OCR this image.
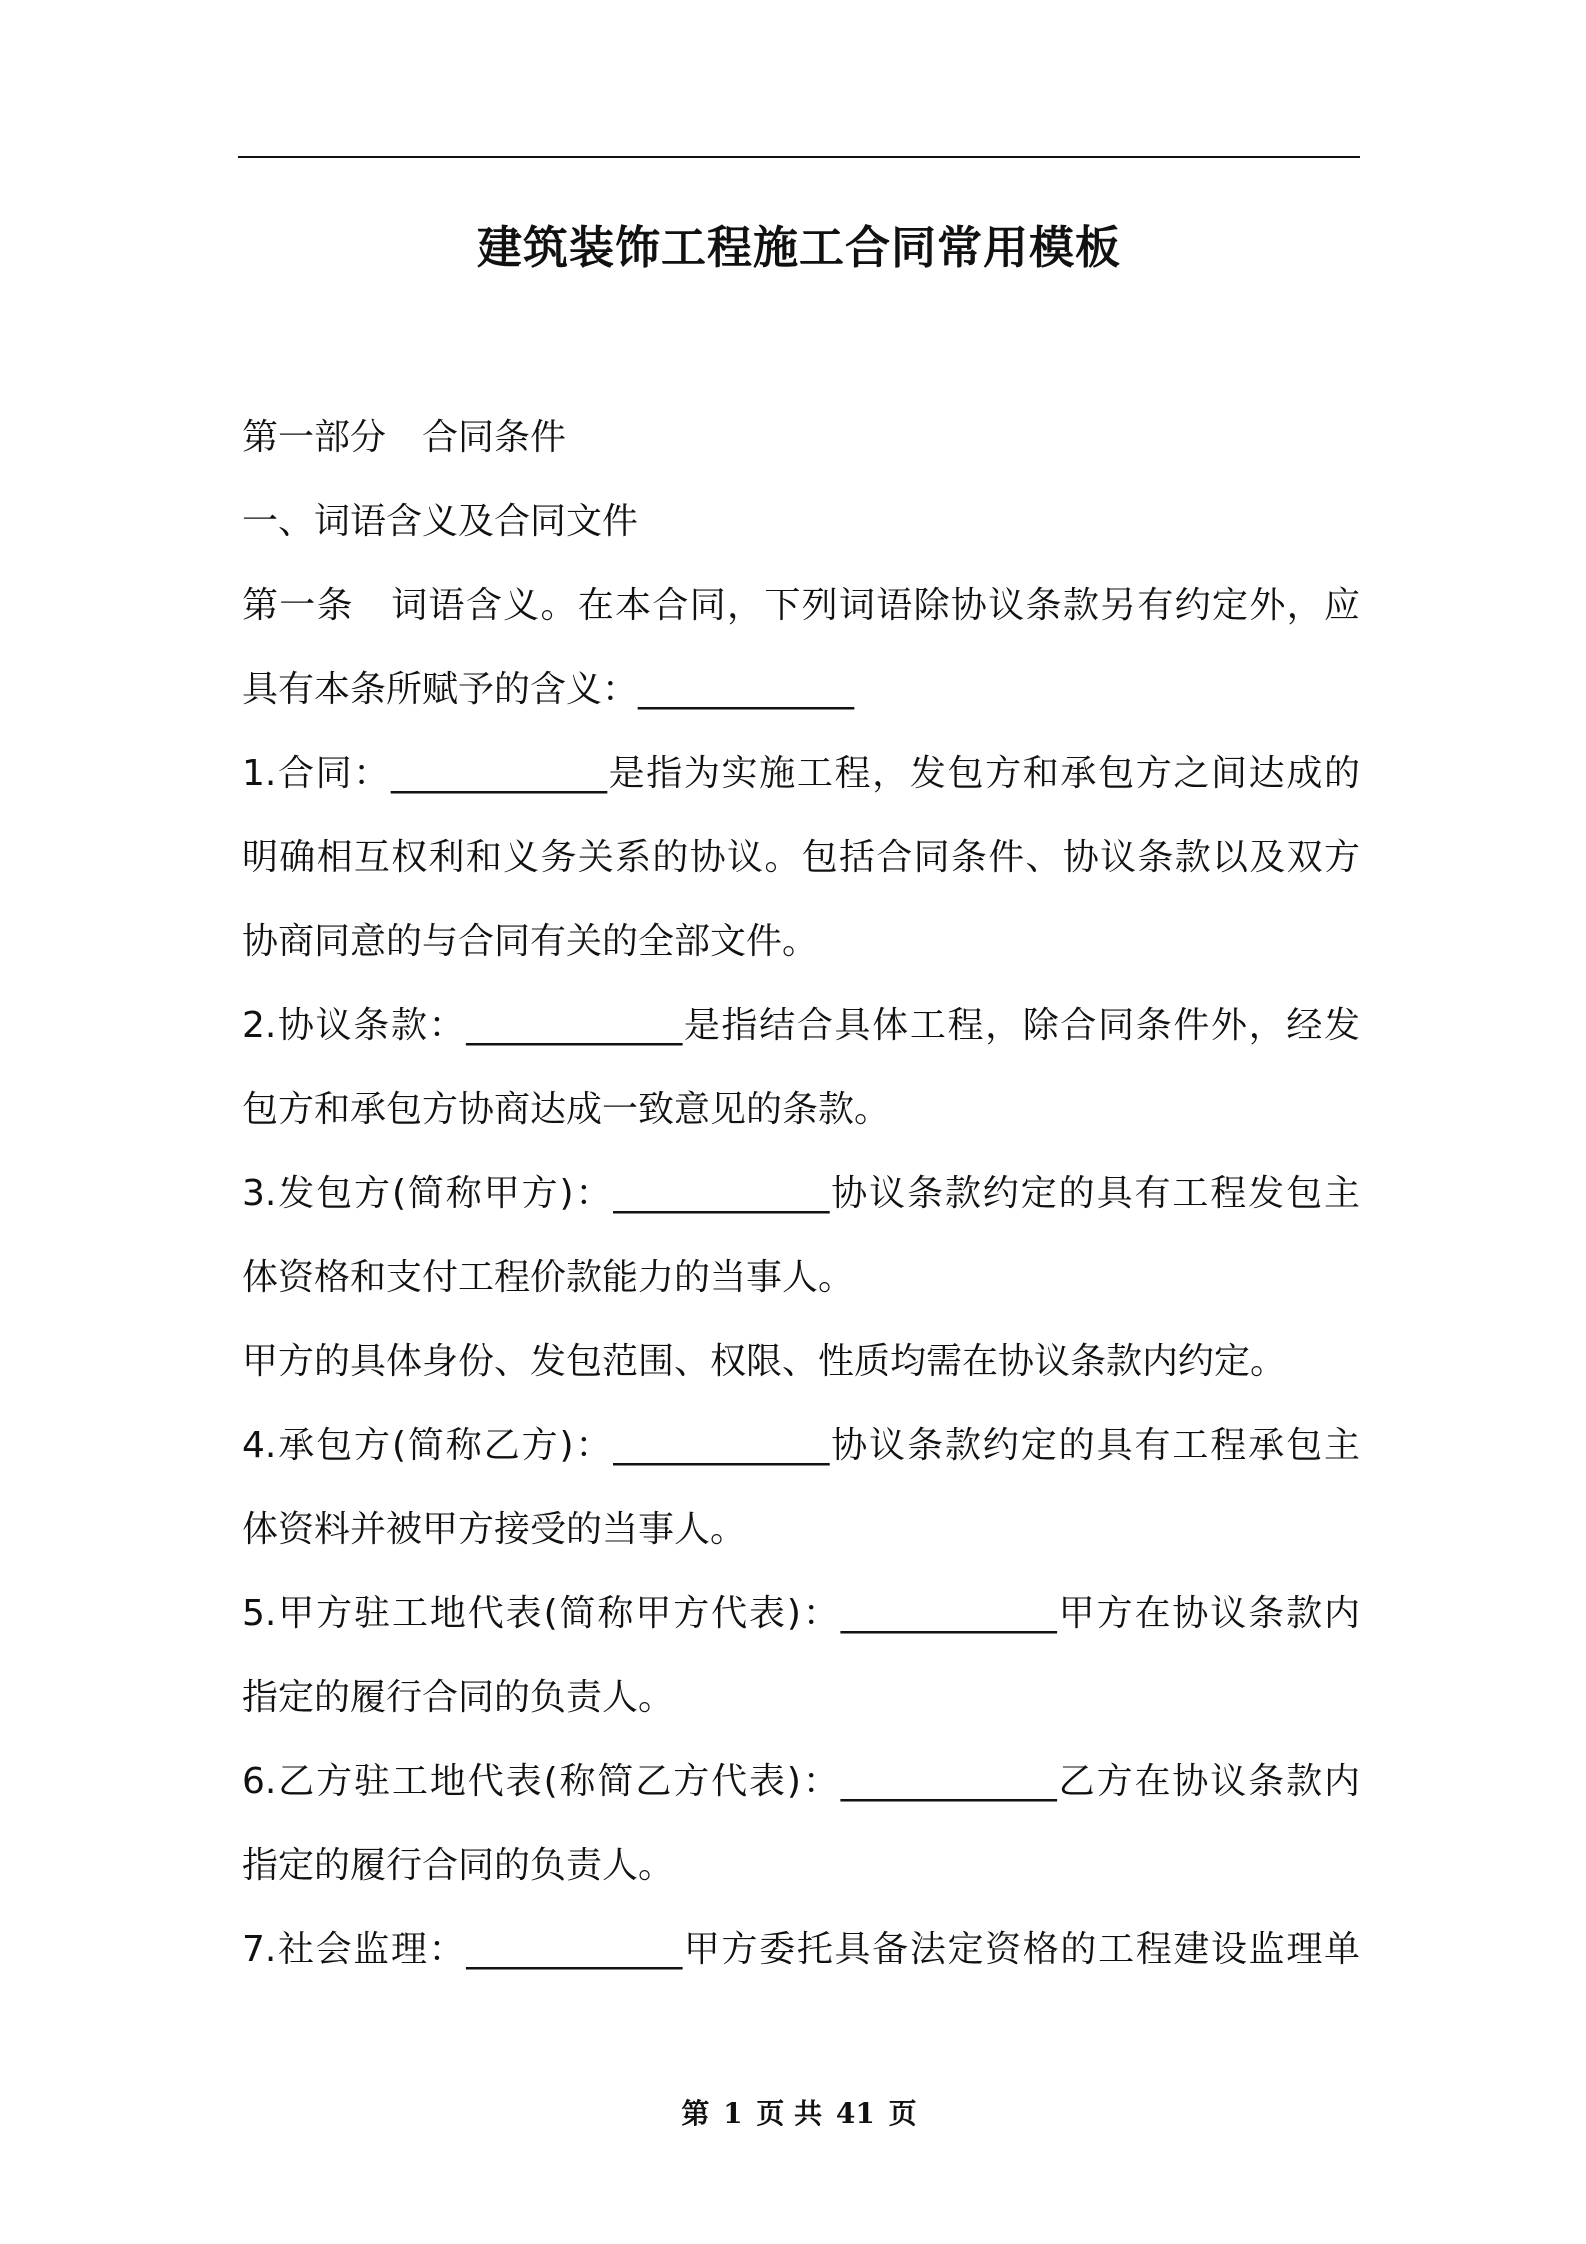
建筑装饰工程施工合同常用模板
第一部分　合同条件
一、词语含义及合同文件
第一条　词语含义。在本合同，下列词语除协议条款另有约定外，应
具有本条所赋予的含义：____________
1.合同：____________是指为实施工程，发包方和承包方之间达成的
明确相互权利和义务关系的协议。包括合同条件、协议条款以及双方
协商同意的与合同有关的全部文件。
2.协议条款：____________是指结合具体工程，除合同条件外，经发
包方和承包方协商达成一致意见的条款。
3.发包方(简称甲方)：____________协议条款约定的具有工程发包主
体资格和支付工程价款能力的当事人。
甲方的具体身份、发包范围、权限、性质均需在协议条款内约定。
4.承包方(简称乙方)：____________协议条款约定的具有工程承包主
体资料并被甲方接受的当事人。
5.甲方驻工地代表(简称甲方代表)：____________甲方在协议条款内
指定的履行合同的负责人。
6.乙方驻工地代表(称简乙方代表)：____________乙方在协议条款内
指定的履行合同的负责人。
7.社会监理：____________甲方委托具备法定资格的工程建设监理单
第 1 页 共 41 页
